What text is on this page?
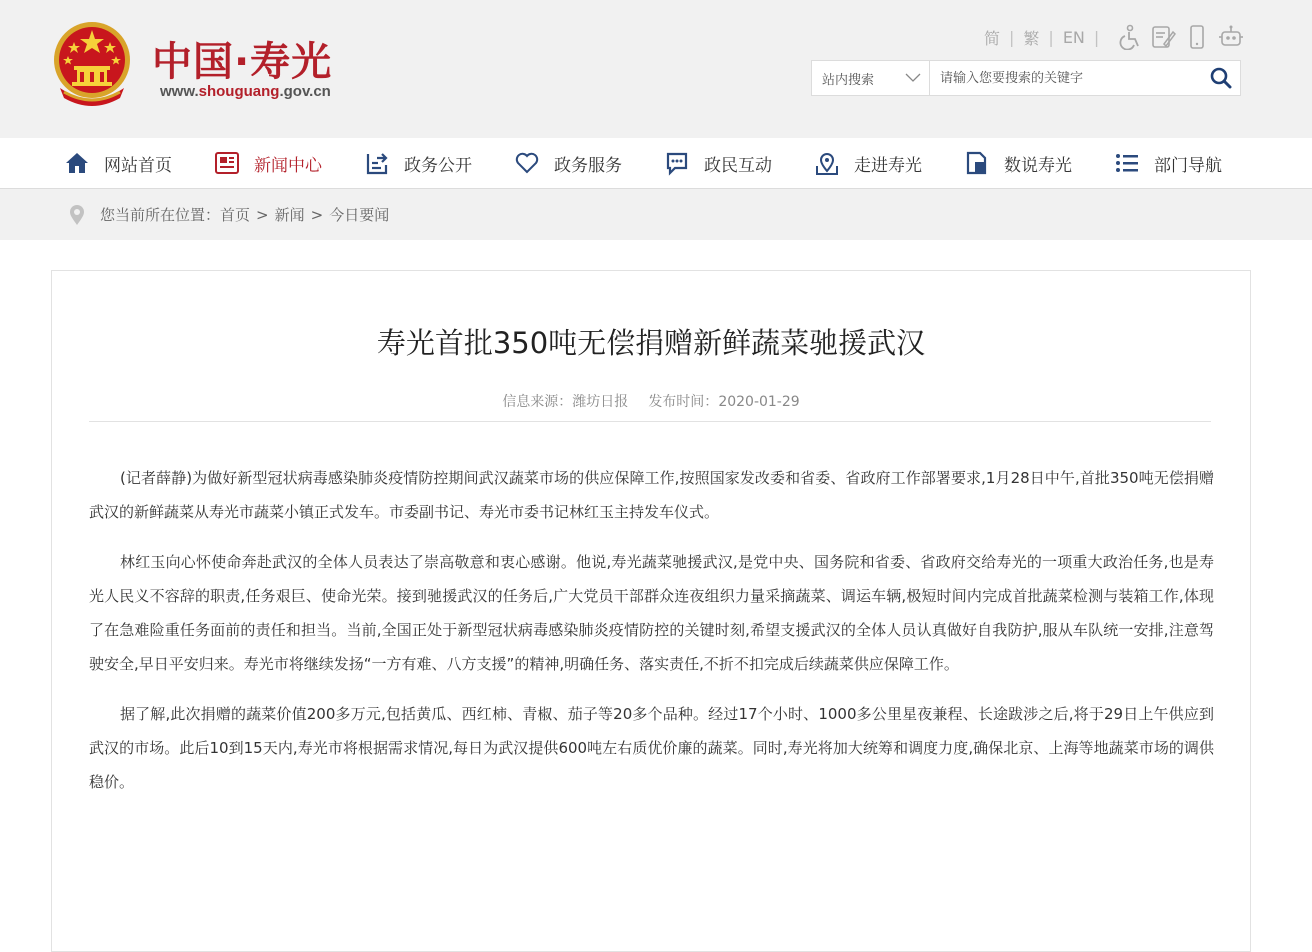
中国·寿光
www.shouguang.gov.cn
简 | 繁 | EN |
站内搜索
请输入您要搜索的关键字
网站首页	新闻中心	政务公开	政务服务	政民互动	走进寿光	数说寿光	部门导航
您当前所在位置： 首页 > 新闻 > 今日要闻
寿光首批350吨无偿捐赠新鲜蔬菜驰援武汉
信息来源：潍坊日报 发布时间：2020-01-29

(记者薛静)为做好新型冠状病毒感染肺炎疫情防控期间武汉蔬菜市场的供应保障工作,按照国家发改委和省委、省政府工作部署要求,1月28日中午,首批350吨无偿捐赠武汉的新鲜蔬菜从寿光市蔬菜小镇正式发车。市委副书记、寿光市委书记林红玉主持发车仪式。

林红玉向心怀使命奔赴武汉的全体人员表达了崇高敬意和衷心感谢。他说,寿光蔬菜驰援武汉,是党中央、国务院和省委、省政府交给寿光的一项重大政治任务,也是寿光人民义不容辞的职责,任务艰巨、使命光荣。接到驰援武汉的任务后,广大党员干部群众连夜组织力量采摘蔬菜、调运车辆,极短时间内完成首批蔬菜检测与装箱工作,体现了在急难险重任务面前的责任和担当。当前,全国正处于新型冠状病毒感染肺炎疫情防控的关键时刻,希望支援武汉的全体人员认真做好自我防护,服从车队统一安排,注意驾驶安全,早日平安归来。寿光市将继续发扬“一方有难、八方支援”的精神,明确任务、落实责任,不折不扣完成后续蔬菜供应保障工作。

据了解,此次捐赠的蔬菜价值200多万元,包括黄瓜、西红柿、青椒、茄子等20多个品种。经过17个小时、1000多公里星夜兼程、长途跋涉之后,将于29日上午供应到武汉的市场。此后10到15天内,寿光市将根据需求情况,每日为武汉提供600吨左右质优价廉的蔬菜。同时,寿光将加大统筹和调度力度,确保北京、上海等地蔬菜市场的调供稳价。
